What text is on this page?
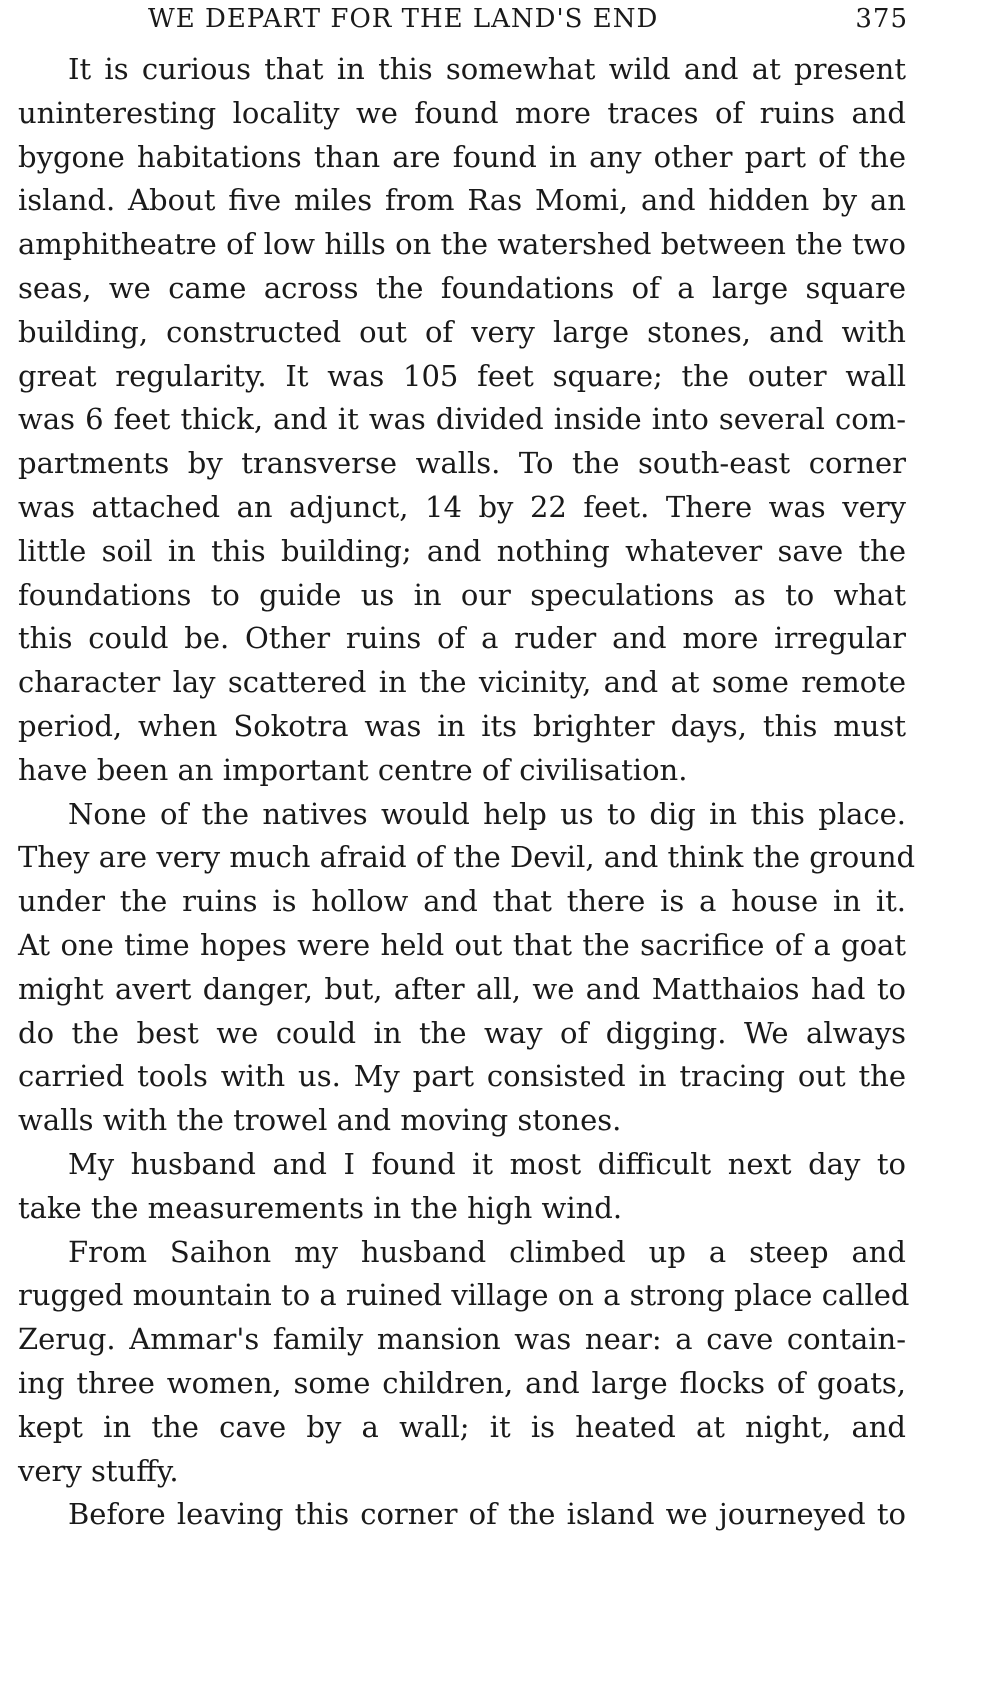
WE DEPART FOR THE LAND'S END	375
It is curious that in this somewhat wild and at present
uninteresting locality we found more traces of ruins and
bygone habitations than are found in any other part of the
island. About five miles from Ras Momi, and hidden by an
amphitheatre of low hills on the watershed between the two
seas, we came across the foundations of a large square
building, constructed out of very large stones, and with
great regularity. It was 105 feet square; the outer wall
was 6 feet thick, and it was divided inside into several com-
partments by transverse walls. To the south-east corner
was attached an adjunct, 14 by 22 feet. There was very
little soil in this building; and nothing whatever save the
foundations to guide us in our speculations as to what
this could be. Other ruins of a ruder and more irregular
character lay scattered in the vicinity, and at some remote
period, when Sokotra was in its brighter days, this must
have been an important centre of civilisation.
None of the natives would help us to dig in this place.
They are very much afraid of the Devil, and think the ground
under the ruins is hollow and that there is a house in it.
At one time hopes were held out that the sacrifice of a goat
might avert danger, but, after all, we and Matthaios had to
do the best we could in the way of digging. We always
carried tools with us. My part consisted in tracing out the
walls with the trowel and moving stones.
My husband and I found it most difficult next day to
take the measurements in the high wind.
From Saihon my husband climbed up a steep and
rugged mountain to a ruined village on a strong place called
Zerug. Ammar's family mansion was near: a cave contain-
ing three women, some children, and large flocks of goats,
kept in the cave by a wall; it is heated at night, and
very stuffy.
Before leaving this corner of the island we journeyed to
